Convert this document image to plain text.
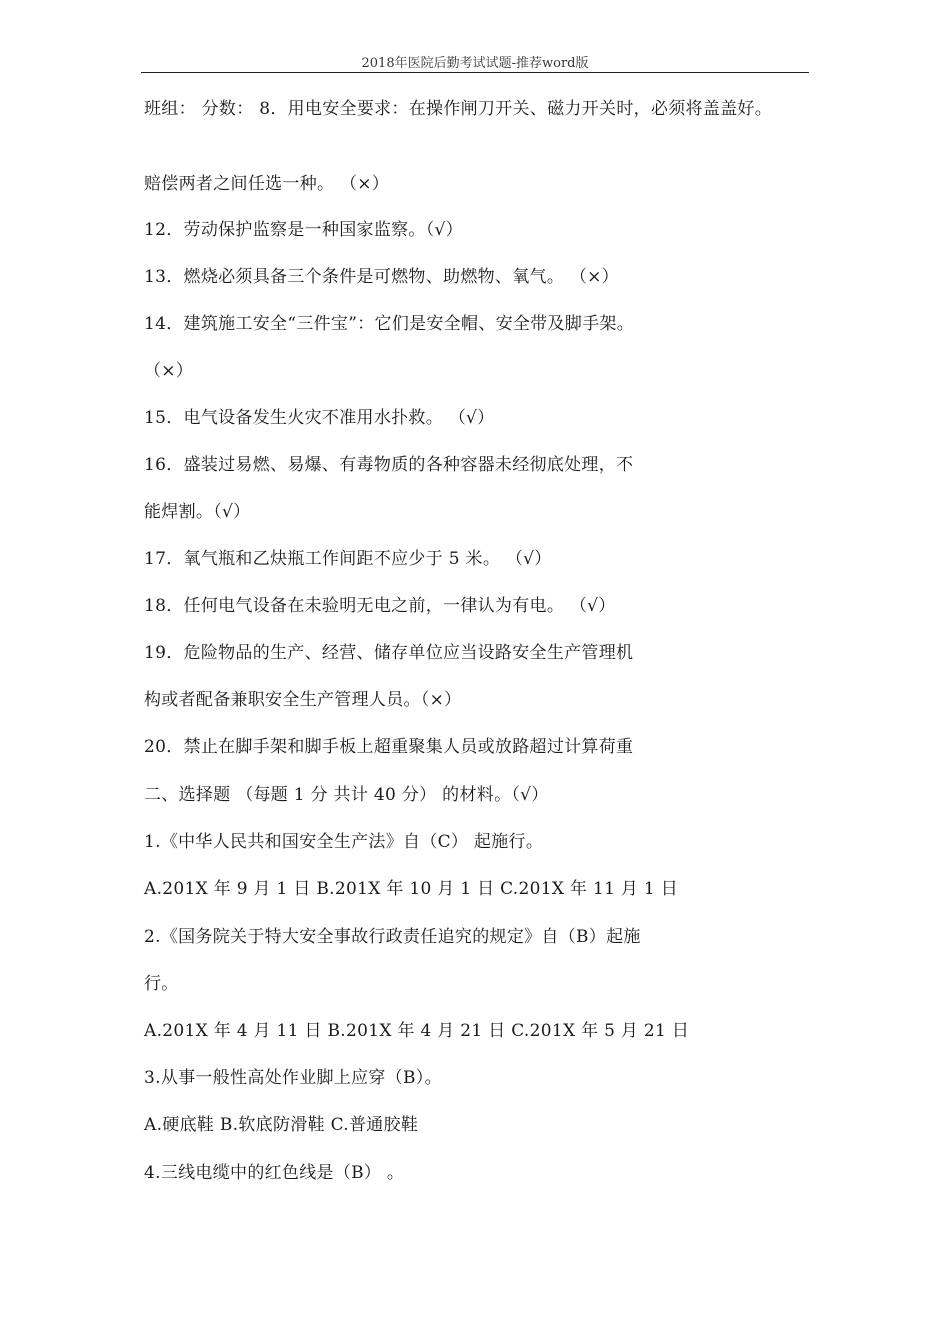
2018年医院后勤考试试题-推荐word版
班组： 分数： 8．用电安全要求：在操作闸刀开关、磁力开关时，必须将盖盖好。
赔偿两者之间任选一种。 （×）
12．劳动保护监察是一种国家监察。（√）
13．燃烧必须具备三个条件是可燃物、助燃物、氧气。 （×）
14．建筑施工安全“三件宝”：它们是安全帽、安全带及脚手架。
（×）
15．电气设备发生火灾不准用水扑救。 （√）
16．盛装过易燃、易爆、有毒物质的各种容器未经彻底处理，不
能焊割。（√）
17．氧气瓶和乙炔瓶工作间距不应少于 5 米。 （√）
18．任何电气设备在未验明无电之前，一律认为有电。 （√）
19．危险物品的生产、经营、储存单位应当设路安全生产管理机
构或者配备兼职安全生产管理人员。（×）
20．禁止在脚手架和脚手板上超重聚集人员或放路超过计算荷重
二、选择题 （每题 1 分 共计 40 分） 的材料。（√）
1.《中华人民共和国安全生产法》自（C） 起施行。
A.201X 年 9 月 1 日 B.201X 年 10 月 1 日 C.201X 年 11 月 1 日
2.《国务院关于特大安全事故行政责任追究的规定》自（B）起施
行。
A.201X 年 4 月 11 日 B.201X 年 4 月 21 日 C.201X 年 5 月 21 日
3.从事一般性高处作业脚上应穿（B）。
A.硬底鞋 B.软底防滑鞋 C.普通胶鞋
4.三线电缆中的红色线是（B） 。
